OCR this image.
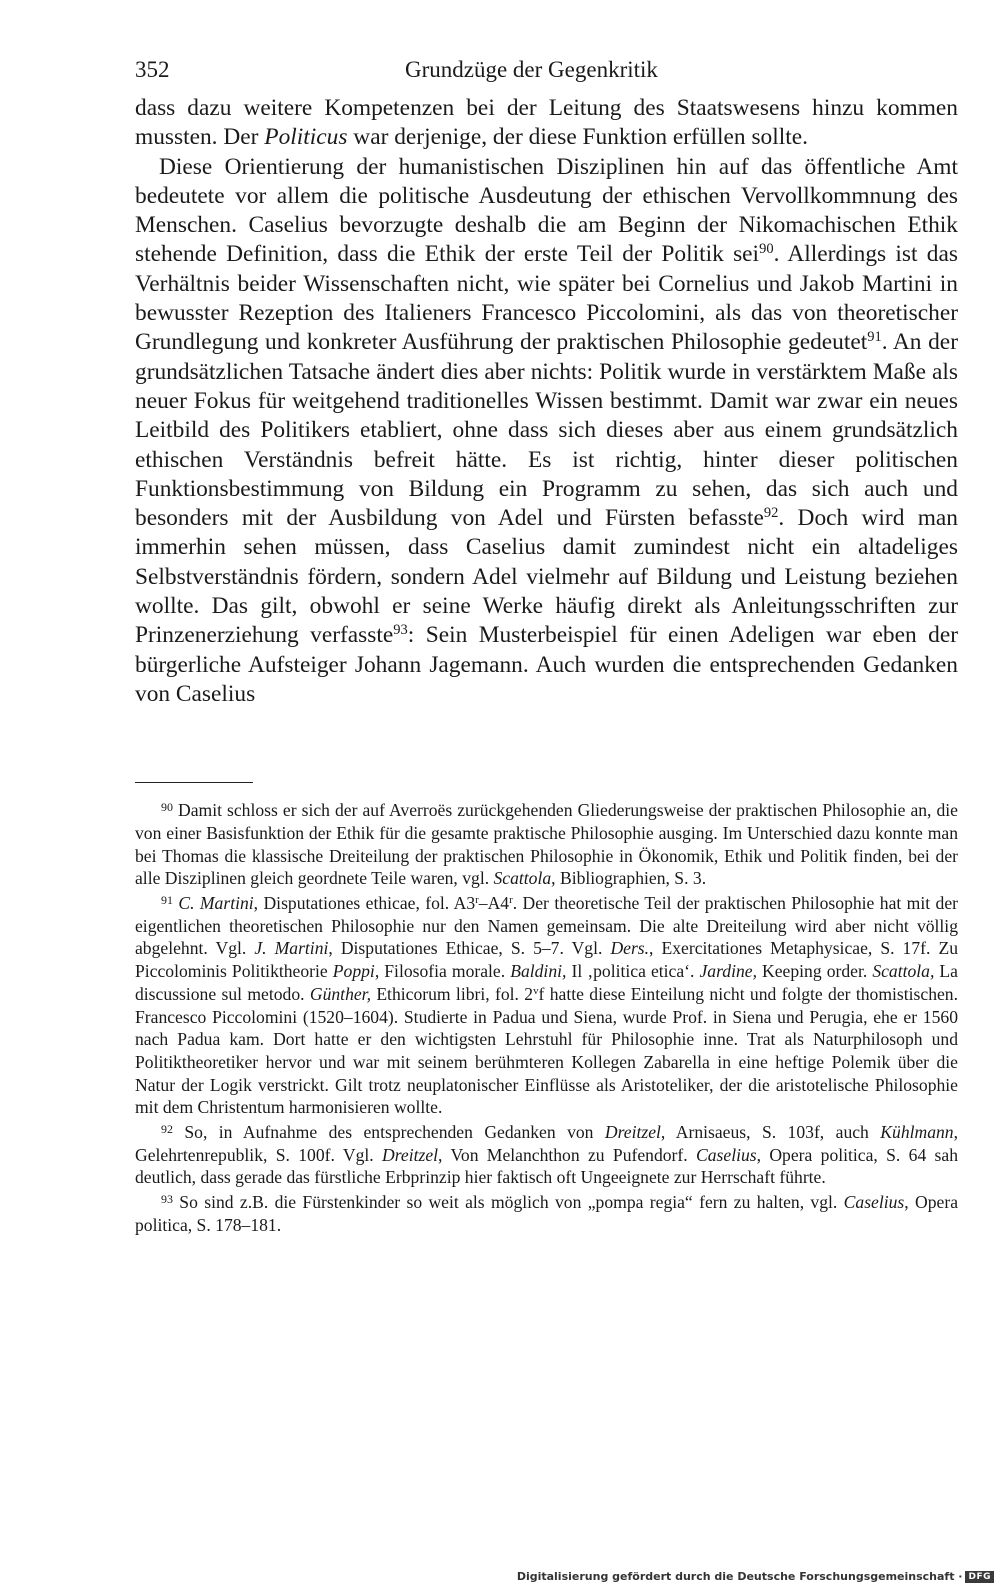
352	Grundzüge der Gegenkritik

dass dazu weitere Kompetenzen bei der Leitung des Staatswesens hinzu kommen mussten. Der Politicus war derjenige, der diese Funktion erfüllen sollte.

Diese Orientierung der humanistischen Disziplinen hin auf das öffentliche Amt bedeutete vor allem die politische Ausdeutung der ethischen Vervollkommnung des Menschen. Caselius bevorzugte deshalb die am Beginn der Nikomachischen Ethik stehende Definition, dass die Ethik der erste Teil der Politik sei$^{90}$. Allerdings ist das Verhältnis beider Wissenschaften nicht, wie später bei Cornelius und Jakob Martini in bewusster Rezeption des Italieners Francesco Piccolomini, als das von theoretischer Grundlegung und konkreter Ausführung der praktischen Philosophie gedeutet$^{91}$. An der grundsätzlichen Tatsache ändert dies aber nichts: Politik wurde in verstärktem Maße als neuer Fokus für weitgehend traditionelles Wissen bestimmt. Damit war zwar ein neues Leitbild des Politikers etabliert, ohne dass sich dieses aber aus einem grundsätzlich ethischen Verständnis befreit hätte. Es ist richtig, hinter dieser politischen Funktionsbestimmung von Bildung ein Programm zu sehen, das sich auch und besonders mit der Ausbildung von Adel und Fürsten befasste$^{92}$. Doch wird man immerhin sehen müssen, dass Caselius damit zumindest nicht ein altadeliges Selbstverständnis fördern, sondern Adel vielmehr auf Bildung und Leistung beziehen wollte. Das gilt, obwohl er seine Werke häufig direkt als Anleitungsschriften zur Prinzenerziehung verfasste$^{93}$: Sein Musterbeispiel für einen Adeligen war eben der bürgerliche Aufsteiger Johann Jagemann. Auch wurden die entsprechenden Gedanken von Caselius

$^{90}$ Damit schloss er sich der auf Averroës zurückgehenden Gliederungsweise der praktischen Philosophie an, die von einer Basisfunktion der Ethik für die gesamte praktische Philosophie ausging. Im Unterschied dazu konnte man bei Thomas die klassische Dreiteilung der praktischen Philosophie in Ökonomik, Ethik und Politik finden, bei der alle Disziplinen gleich geordnete Teile waren, vgl. Scattola, Bibliographien, S. 3.

$^{91}$ C. Martini, Disputationes ethicae, fol. A3$^r$–A4$^r$. Der theoretische Teil der praktischen Philosophie hat mit der eigentlichen theoretischen Philosophie nur den Namen gemeinsam. Die alte Dreiteilung wird aber nicht völlig abgelehnt. Vgl. J. Martini, Disputationes Ethicae, S. 5–7. Vgl. Ders., Exercitationes Metaphysicae, S. 17f. Zu Piccolominis Politiktheorie Poppi, Filosofia morale. Baldini, Il ‚politica etica‘. Jardine, Keeping order. Scattola, La discussione sul metodo. Günther, Ethicorum libri, fol. 2$^v$f hatte diese Einteilung nicht und folgte der thomistischen. Francesco Piccolomini (1520–1604). Studierte in Padua und Siena, wurde Prof. in Siena und Perugia, ehe er 1560 nach Padua kam. Dort hatte er den wichtigsten Lehrstuhl für Philosophie inne. Trat als Naturphilosoph und Politiktheoretiker hervor und war mit seinem berühmteren Kollegen Zabarella in eine heftige Polemik über die Natur der Logik verstrickt. Gilt trotz neuplatonischer Einflüsse als Aristoteliker, der die aristotelische Philosophie mit dem Christentum harmonisieren wollte.

$^{92}$ So, in Aufnahme des entsprechenden Gedanken von Dreitzel, Arnisaeus, S. 103f, auch Kühlmann, Gelehrtenrepublik, S. 100f. Vgl. Dreitzel, Von Melanchthon zu Pufendorf. Caselius, Opera politica, S. 64 sah deutlich, dass gerade das fürstliche Erbprinzip hier faktisch oft Ungeeignete zur Herrschaft führte.

$^{93}$ So sind z.B. die Fürstenkinder so weit als möglich von „pompa regia“ fern zu halten, vgl. Caselius, Opera politica, S. 178–181.

Digitalisierung gefördert durch die Deutsche Forschungsgemeinschaft · DFG
